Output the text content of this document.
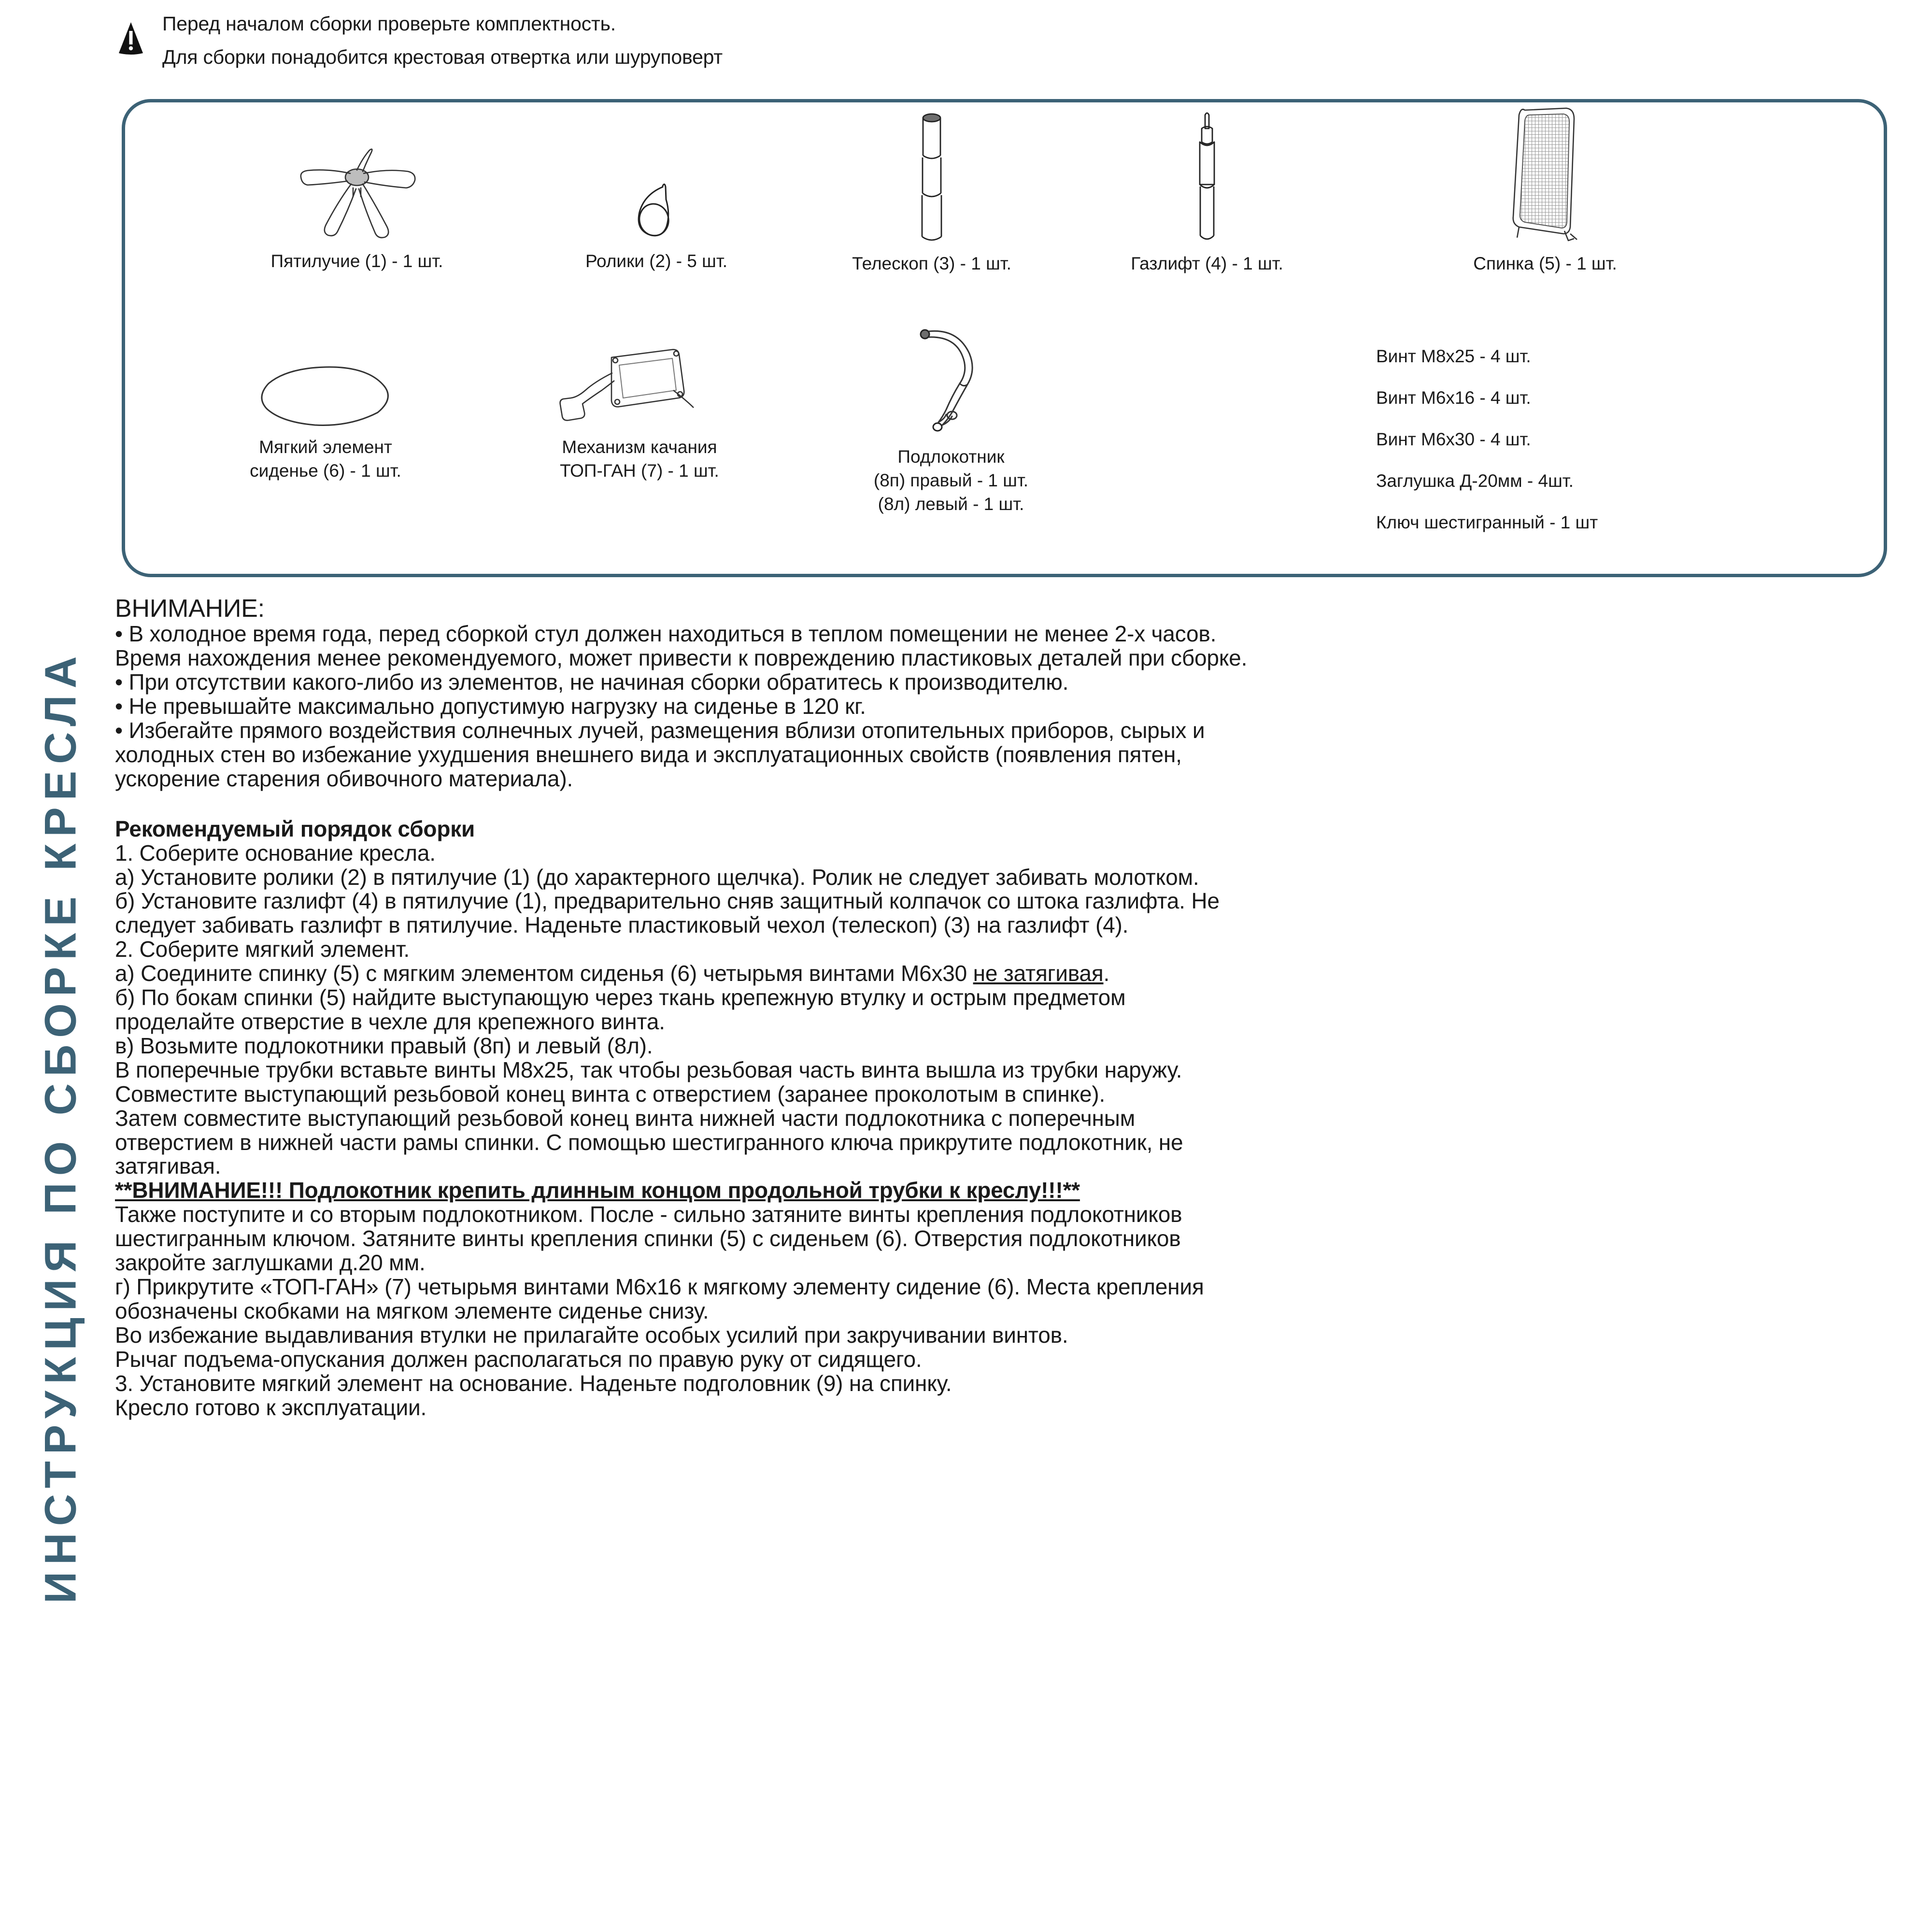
Перед началом сборки проверьте комплектность.
Для сборки понадобится крестовая отвертка или шуруповерт
ИНСТРУКЦИЯ ПО СБОРКЕ КРЕСЛА
Пятилучие (1) - 1 шт.	Ролики (2) - 5 шт.	Телескоп (3) - 1 шт.	Газлифт (4) - 1 шт.	Спинка (5) - 1 шт.
Мягкий элемент
сиденье (6) - 1 шт.
Механизм качания
ТОП-ГАН (7) - 1 шт.
Подлокотник
(8п) правый - 1 шт.
(8л) левый - 1 шт.
Винт М8х25 - 4 шт.
Винт М6х16 - 4 шт.
Винт М6х30 - 4 шт.
Заглушка Д-20мм - 4шт.
Ключ шестигранный - 1 шт

ВНИМАНИЕ:

• В холодное время года, перед сборкой стул должен находиться в теплом помещении не менее 2-х часов.

Время нахождения менее рекомендуемого, может привести к повреждению пластиковых деталей при сборке.

• При отсутствии какого-либо из элементов, не начиная сборки обратитесь к производителю.

• Не превышайте максимально допустимую нагрузку на сиденье в 120 кг.

• Избегайте прямого воздействия солнечных лучей, размещения вблизи отопительных приборов, сырых и

холодных стен во избежание ухудшения внешнего вида и эксплуатационных свойств (появления пятен,

ускорение старения обивочного материала).

Рекомендуемый порядок сборки

1. Соберите основание кресла.

а) Установите ролики (2) в пятилучие (1) (до характерного щелчка). Ролик не следует забивать молотком.

б) Установите газлифт (4) в пятилучие (1), предварительно сняв защитный колпачок со штока газлифта. Не

следует забивать газлифт в пятилучие. Наденьте пластиковый чехол (телескоп) (3) на газлифт (4).

2. Соберите мягкий элемент.

а) Соедините спинку (5) с мягким элементом сиденья (6) четырьмя винтами М6х30 не затягивая.

б) По бокам спинки (5) найдите выступающую через ткань крепежную втулку и острым предметом

проделайте отверстие в чехле для крепежного винта.

в) Возьмите подлокотники правый (8п) и левый (8л).

В поперечные трубки вставьте винты М8х25, так чтобы резьбовая часть винта вышла из трубки наружу.

Совместите выступающий резьбовой конец винта с отверстием (заранее проколотым в спинке).

Затем совместите выступающий резьбовой конец винта нижней части подлокотника с поперечным

отверстием в нижней части рамы спинки. С помощью шестигранного ключа прикрутите подлокотник, не

затягивая.

**ВНИМАНИЕ!!! Подлокотник крепить длинным концом продольной трубки к креслу!!!**

Также поступите и со вторым подлокотником. После - сильно затяните винты крепления подлокотников

шестигранным ключом. Затяните винты крепления спинки (5) с сиденьем (6). Отверстия подлокотников

закройте заглушками д.20 мм.

г) Прикрутите «ТОП-ГАН» (7) четырьмя винтами М6х16 к мягкому элементу сидение (6). Места крепления

обозначены скобками на мягком элементе сиденье снизу.

Во избежание выдавливания втулки не прилагайте особых усилий при закручивании винтов.

Рычаг подъема-опускания должен располагаться по правую руку от сидящего.

3. Установите мягкий элемент на основание. Наденьте подголовник (9) на спинку.

Кресло готово к эксплуатации.
